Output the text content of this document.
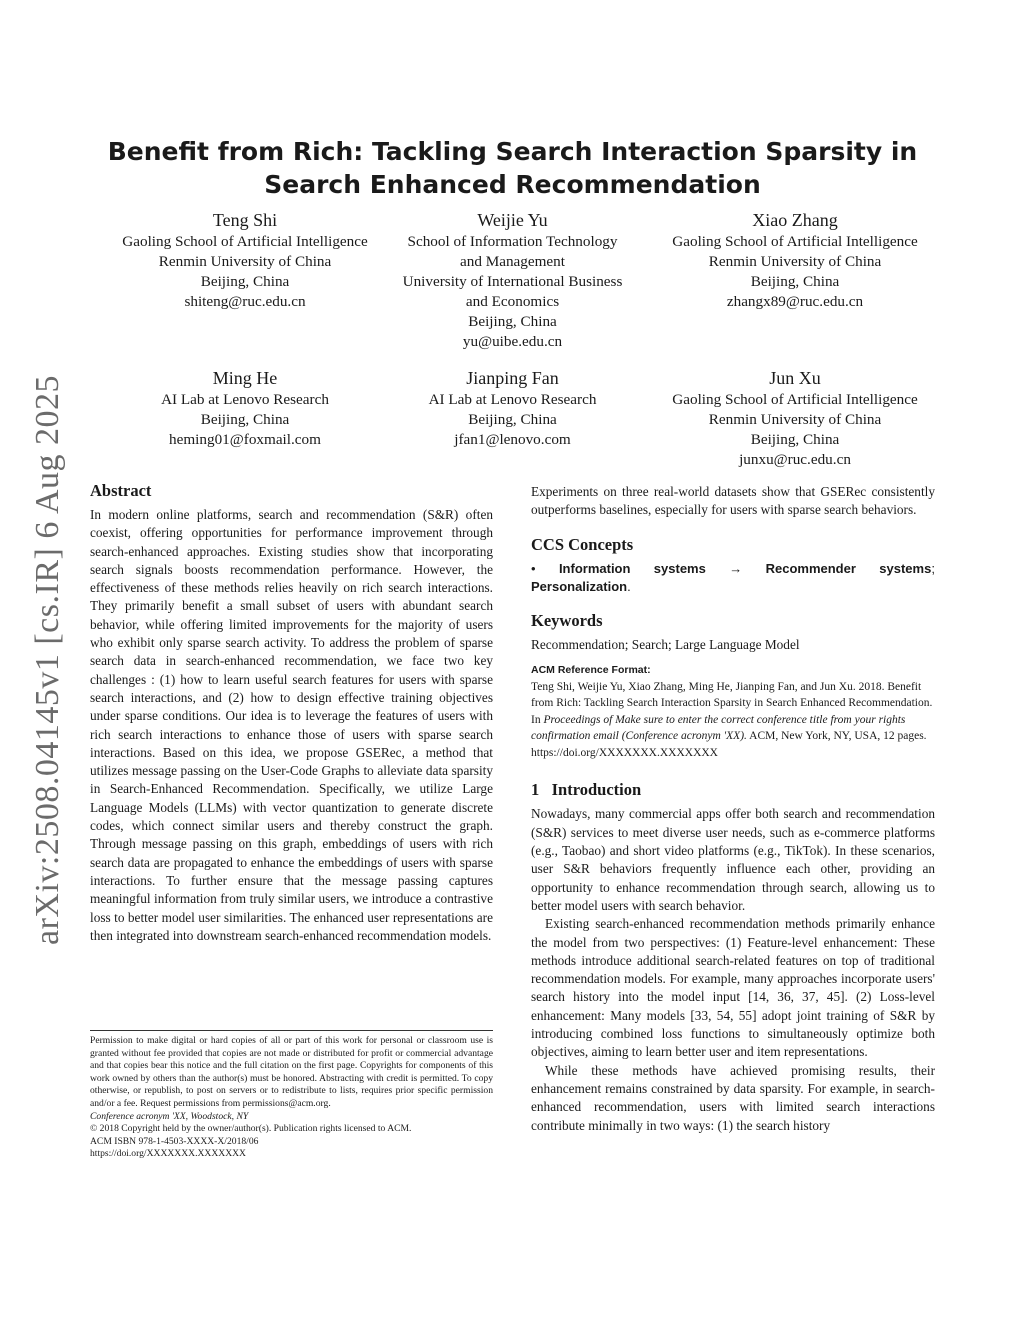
arXiv:2508.04145v1 [cs.IR] 6 Aug 2025
Benefit from Rich: Tackling Search Interaction Sparsity in
Search Enhanced Recommendation
Teng Shi
Gaoling School of Artificial Intelligence
Renmin University of China
Beijing, China
shiteng@ruc.edu.cn
Weijie Yu
School of Information Technology
and Management
University of International Business
and Economics
Beijing, China
yu@uibe.edu.cn
Xiao Zhang
Gaoling School of Artificial Intelligence
Renmin University of China
Beijing, China
zhangx89@ruc.edu.cn
Ming He
AI Lab at Lenovo Research
Beijing, China
heming01@foxmail.com
Jianping Fan
AI Lab at Lenovo Research
Beijing, China
jfan1@lenovo.com
Jun Xu
Gaoling School of Artificial Intelligence
Renmin University of China
Beijing, China
junxu@ruc.edu.cn
Abstract

In modern online platforms, search and recommendation (S&R) often coexist, offering opportunities for performance improvement through search-enhanced approaches. Existing studies show that incorporating search signals boosts recommendation performance. However, the effectiveness of these methods relies heavily on rich search interactions. They primarily benefit a small subset of users with abundant search behavior, while offering limited improvements for the majority of users who exhibit only sparse search activity. To address the problem of sparse search data in search-enhanced recommendation, we face two key challenges : (1) how to learn useful search features for users with sparse search interactions, and (2) how to design effective training objectives under sparse conditions. Our idea is to leverage the features of users with rich search interactions to enhance those of users with sparse search interactions. Based on this idea, we propose GSERec, a method that utilizes message passing on the User-Code Graphs to alleviate data sparsity in Search-Enhanced Recommendation. Specifically, we utilize Large Language Models (LLMs) with vector quantization to generate discrete codes, which connect similar users and thereby construct the graph. Through message passing on this graph, embeddings of users with rich search data are propagated to enhance the embeddings of users with sparse interactions. To further ensure that the message passing captures meaningful information from truly similar users, we introduce a contrastive loss to better model user similarities. The enhanced user representations are then integrated into downstream search-enhanced recommendation models.

Permission to make digital or hard copies of all or part of this work for personal or classroom use is granted without fee provided that copies are not made or distributed for profit or commercial advantage and that copies bear this notice and the full citation on the first page. Copyrights for components of this work owned by others than the author(s) must be honored. Abstracting with credit is permitted. To copy otherwise, or republish, to post on servers or to redistribute to lists, requires prior specific permission and/or a fee. Request permissions from permissions@acm.org.

Conference acronym 'XX, Woodstock, NY

© 2018 Copyright held by the owner/author(s). Publication rights licensed to ACM.

ACM ISBN 978-1-4503-XXXX-X/2018/06

https://doi.org/XXXXXXX.XXXXXXX

Experiments on three real-world datasets show that GSERec consistently outperforms baselines, especially for users with sparse search behaviors.

CCS Concepts

• Information systems → Recommender systems; Personalization.

Keywords

Recommendation; Search; Large Language Model

ACM Reference Format:
Teng Shi, Weijie Yu, Xiao Zhang, Ming He, Jianping Fan, and Jun Xu. 2018. Benefit from Rich: Tackling Search Interaction Sparsity in Search Enhanced Recommendation. In Proceedings of Make sure to enter the correct conference title from your rights confirmation email (Conference acronym 'XX). ACM, New York, NY, USA, 12 pages. https://doi.org/XXXXXXX.XXXXXXX
1 Introduction

Nowadays, many commercial apps offer both search and recommendation (S&R) services to meet diverse user needs, such as e-commerce platforms (e.g., Taobao) and short video platforms (e.g., TikTok). In these scenarios, user S&R behaviors frequently influence each other, providing an opportunity to enhance recommendation through search, allowing us to better model users with search behavior.

Existing search-enhanced recommendation methods primarily enhance the model from two perspectives: (1) Feature-level enhancement: These methods introduce additional search-related features on top of traditional recommendation models. For example, many approaches incorporate users' search history into the model input [14, 36, 37, 45]. (2) Loss-level enhancement: Many models [33, 54, 55] adopt joint training of S&R by introducing combined loss functions to simultaneously optimize both objectives, aiming to learn better user and item representations.

While these methods have achieved promising results, their enhancement remains constrained by data sparsity. For example, in search-enhanced recommendation, users with limited search interactions contribute minimally in two ways: (1) the search history
